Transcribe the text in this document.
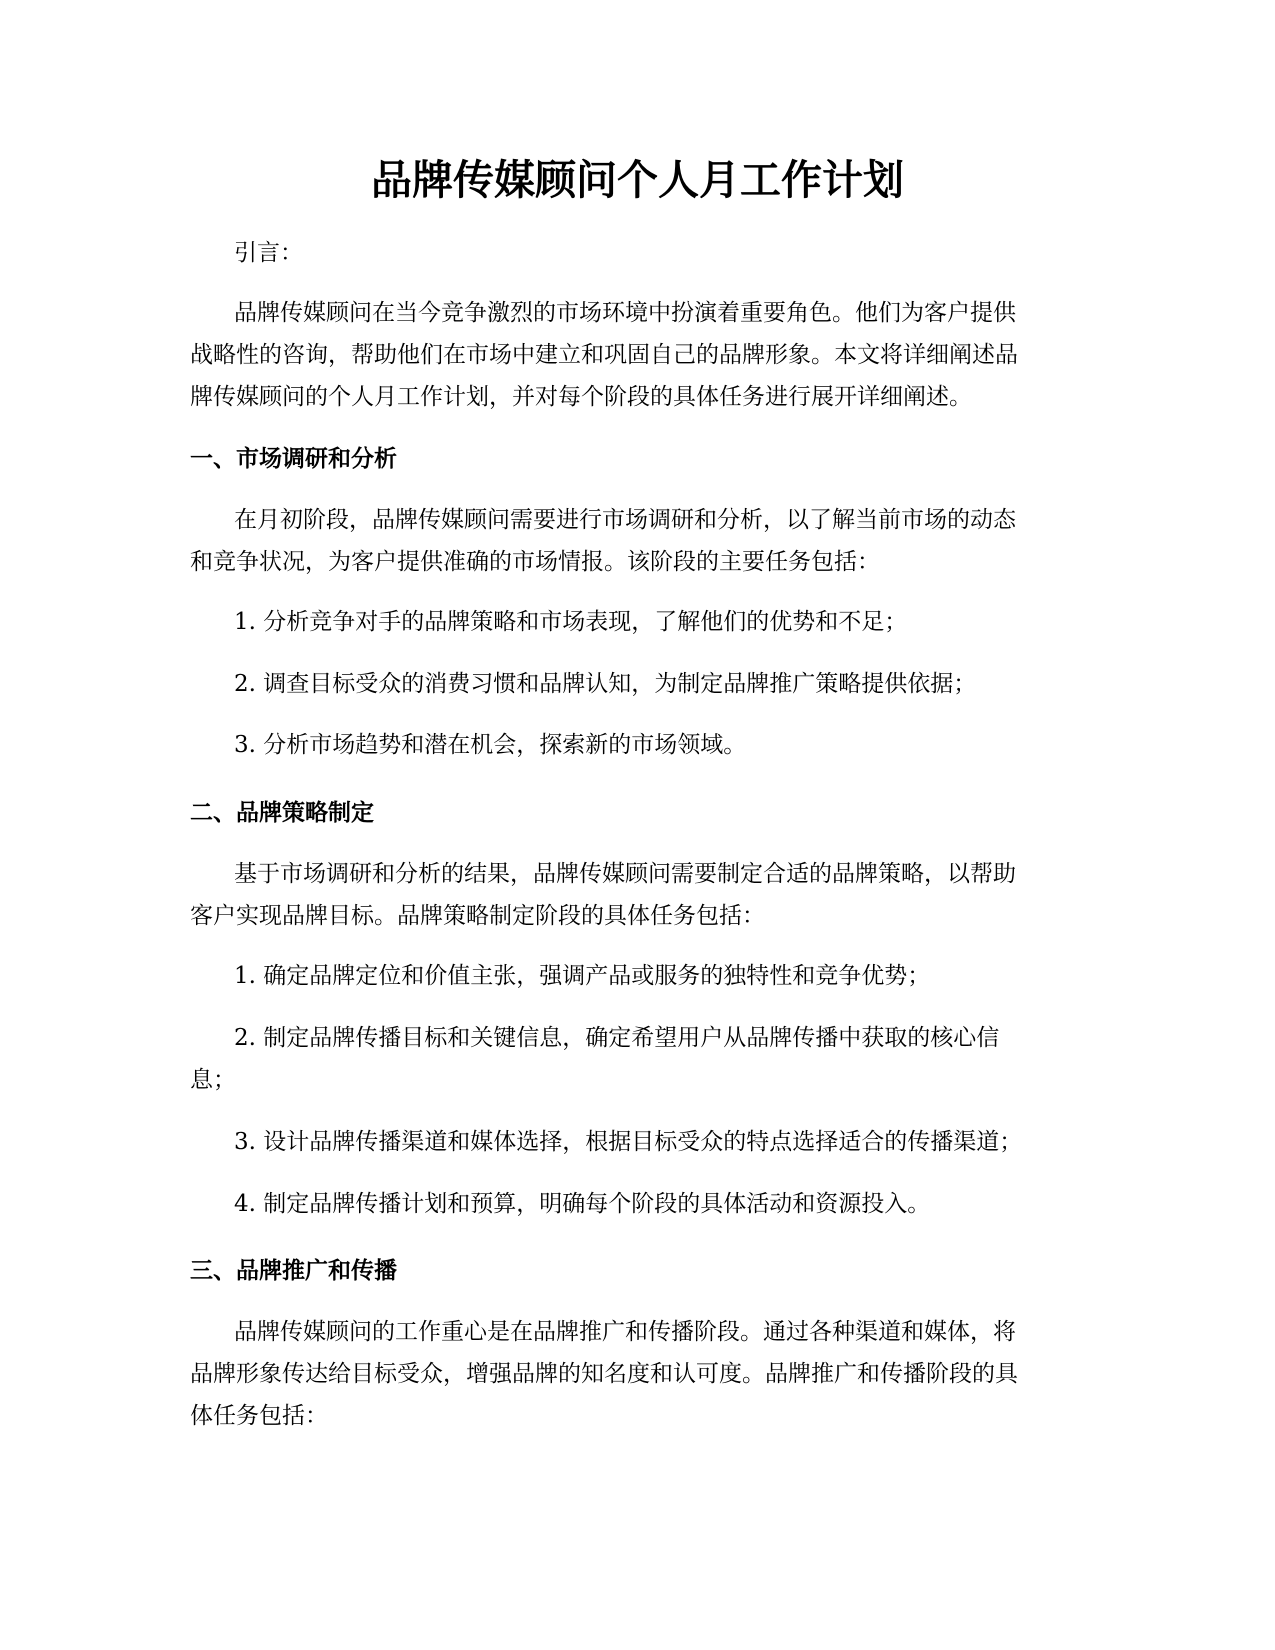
品牌传媒顾问个人月工作计划

引言：

品牌传媒顾问在当今竞争激烈的市场环境中扮演着重要角色。他们为客户提供

战略性的咨询，帮助他们在市场中建立和巩固自己的品牌形象。本文将详细阐述品

牌传媒顾问的个人月工作计划，并对每个阶段的具体任务进行展开详细阐述。

一、市场调研和分析

在月初阶段，品牌传媒顾问需要进行市场调研和分析，以了解当前市场的动态

和竞争状况，为客户提供准确的市场情报。该阶段的主要任务包括：

1. 分析竞争对手的品牌策略和市场表现，了解他们的优势和不足；

2. 调查目标受众的消费习惯和品牌认知，为制定品牌推广策略提供依据；

3. 分析市场趋势和潜在机会，探索新的市场领域。

二、品牌策略制定

基于市场调研和分析的结果，品牌传媒顾问需要制定合适的品牌策略，以帮助

客户实现品牌目标。品牌策略制定阶段的具体任务包括：

1. 确定品牌定位和价值主张，强调产品或服务的独特性和竞争优势；

2. 制定品牌传播目标和关键信息，确定希望用户从品牌传播中获取的核心信

息；

3. 设计品牌传播渠道和媒体选择，根据目标受众的特点选择适合的传播渠道；

4. 制定品牌传播计划和预算，明确每个阶段的具体活动和资源投入。

三、品牌推广和传播

品牌传媒顾问的工作重心是在品牌推广和传播阶段。通过各种渠道和媒体，将

品牌形象传达给目标受众，增强品牌的知名度和认可度。品牌推广和传播阶段的具

体任务包括：
